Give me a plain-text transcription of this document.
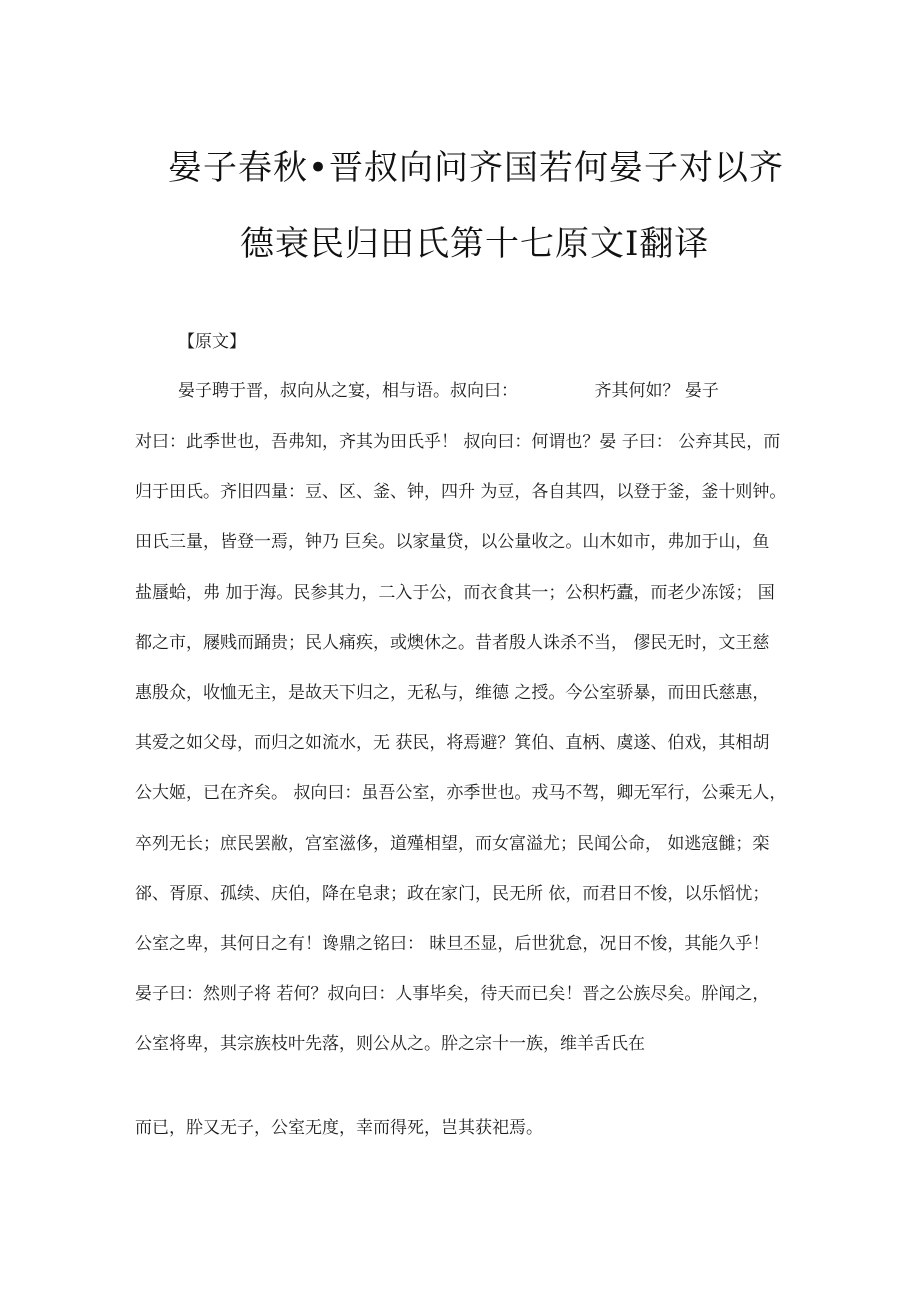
晏子春秋•晋叔向问齐国若何晏子对以齐
德衰民归田氏第十七原文Ⅰ翻译
【原文】
晏子聘于晋，叔向从之宴，相与语。叔向曰：　　　　　齐其何如？ 晏子
对曰：此季世也，吾弗知，齐其为田氏乎！ 叔向曰：何谓也？晏 子曰： 公弃其民，而
归于田氏。齐旧四量：豆、区、釜、钟，四升 为豆，各自其四，以登于釜，釜十则钟。
田氏三量，皆登一焉，钟乃 巨矣。以家量贷，以公量收之。山木如市，弗加于山，鱼
盐蜃蛤，弗 加于海。民参其力，二入于公，而衣食其一；公积朽蠹，而老少冻馁； 国
都之市，屦贱而踊贵；民人痛疾，或燠休之。昔者殷人诛杀不当， 僇民无时，文王慈
惠殷众，收恤无主，是故天下归之，无私与，维德 之授。今公室骄暴，而田氏慈惠，
其爱之如父母，而归之如流水，无 获民，将焉避？箕伯、直柄、虞遂、伯戏，其相胡
公大姬，已在齐矣。 叔向曰：虽吾公室，亦季世也。戎马不驾，卿无军行，公乘无人，
卒列无长；庶民罢敝，宫室滋侈，道殣相望，而女富溢尤；民闻公命， 如逃寇雠；栾
郤、胥原、孤续、庆伯，降在皂隶；政在家门，民无所 依，而君日不悛，以乐慆忧；
公室之卑，其何日之有！谗鼎之铭曰： 昧旦丕显，后世犹怠，况日不悛，其能久乎！
晏子曰：然则子将 若何？叔向曰：人事毕矣，待天而已矣！晋之公族尽矣。肸闻之，
公室将卑，其宗族枝叶先落，则公从之。肸之宗十一族，维羊舌氏在
而已，肸又无子，公室无度，幸而得死，岂其获祀焉。
